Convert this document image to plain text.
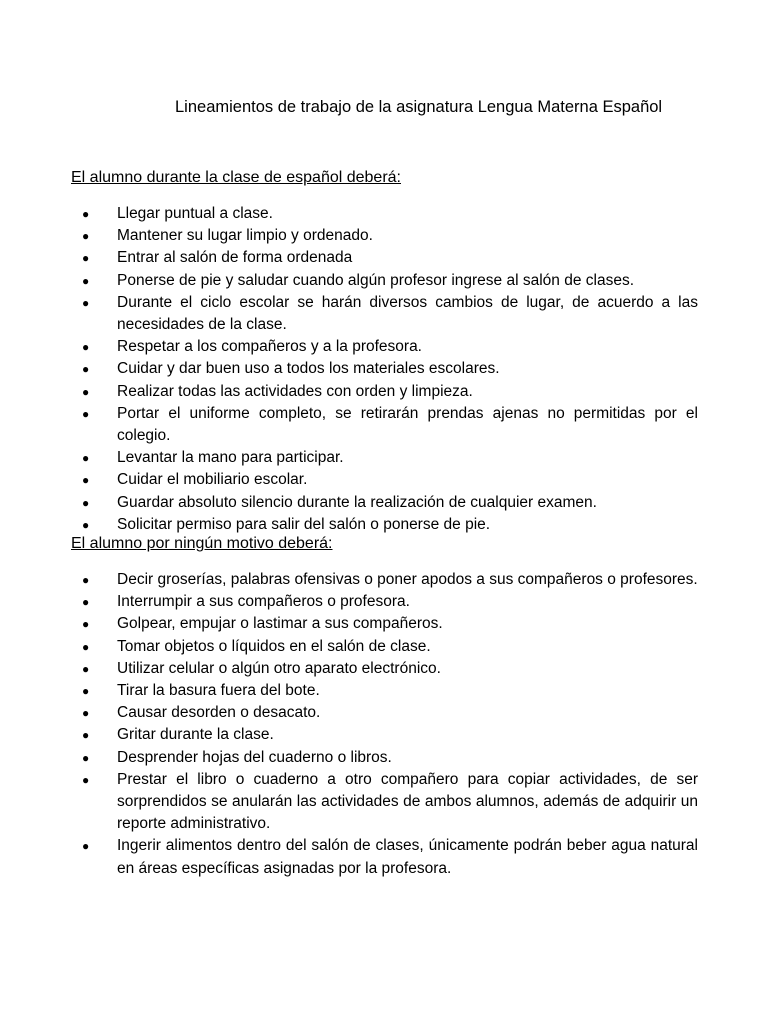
Lineamientos de trabajo de la asignatura Lengua Materna Español
El alumno durante la clase de español deberá:
● Llegar puntual a clase.
● Mantener su lugar limpio y ordenado.
● Entrar al salón de forma ordenada
● Ponerse de pie y saludar cuando algún profesor ingrese al salón de clases.
● Durante el ciclo escolar se harán diversos cambios de lugar, de acuerdo a las necesidades de la clase.
● Respetar a los compañeros y a la profesora.
● Cuidar y dar buen uso a todos los materiales escolares.
● Realizar todas las actividades con orden y limpieza.
● Portar el uniforme completo, se retirarán prendas ajenas no permitidas por el colegio.
● Levantar la mano para participar.
● Cuidar el mobiliario escolar.
● Guardar absoluto silencio durante la realización de cualquier examen.
● Solicitar permiso para salir del salón o ponerse de pie.
El alumno por ningún motivo deberá:
● Decir groserías, palabras ofensivas o poner apodos a sus compañeros o profesores.
● Interrumpir a sus compañeros o profesora.
● Golpear, empujar o lastimar a sus compañeros.
● Tomar objetos o líquidos en el salón de clase.
● Utilizar celular o algún otro aparato electrónico.
● Tirar la basura fuera del bote.
● Causar desorden o desacato.
● Gritar durante la clase.
● Desprender hojas del cuaderno o libros.
● Prestar el libro o cuaderno a otro compañero para copiar actividades, de ser sorprendidos se anularán las actividades de ambos alumnos, además de adquirir un reporte administrativo.
● Ingerir alimentos dentro del salón de clases, únicamente podrán beber agua natural en áreas específicas asignadas por la profesora.
